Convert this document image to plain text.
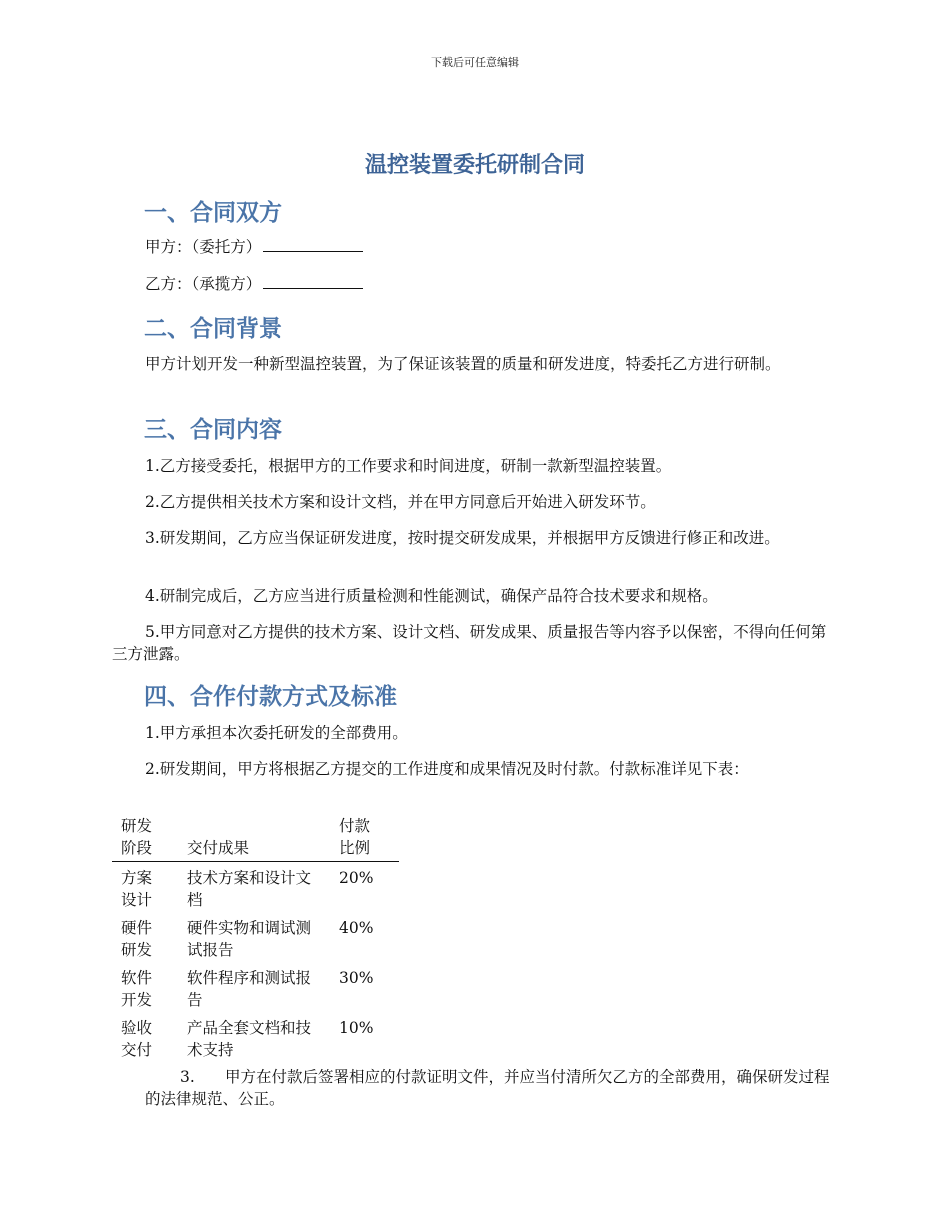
下载后可任意编辑
温控装置委托研制合同
一、合同双方
甲方：（委托方）
乙方：（承揽方）
二、合同背景
甲方计划开发一种新型温控装置，为了保证该装置的质量和研发进度，特委托乙方进行研制。
三、合同内容
1.乙方接受委托，根据甲方的工作要求和时间进度，研制一款新型温控装置。
2.乙方提供相关技术方案和设计文档，并在甲方同意后开始进入研发环节。
3.研发期间，乙方应当保证研发进度，按时提交研发成果，并根据甲方反馈进行修正和改进。
4.研制完成后，乙方应当进行质量检测和性能测试，确保产品符合技术要求和规格。
5.甲方同意对乙方提供的技术方案、设计文档、研发成果、质量报告等内容予以保密，不得向任何第三方泄露。
四、合作付款方式及标准
1.甲方承担本次委托研发的全部费用。
2.研发期间，甲方将根据乙方提交的工作进度和成果情况及时付款。付款标准详见下表：
研发阶段	交付成果	付款比例

方案设计	技术方案和设计文档	20%

硬件研发	硬件实物和调试测试报告	40%

软件开发	软件程序和测试报告	30%

验收交付	产品全套文档和技术支持	10%
3. 甲方在付款后签署相应的付款证明文件，并应当付清所欠乙方的全部费用，确保研发过程的法律规范、公正。
